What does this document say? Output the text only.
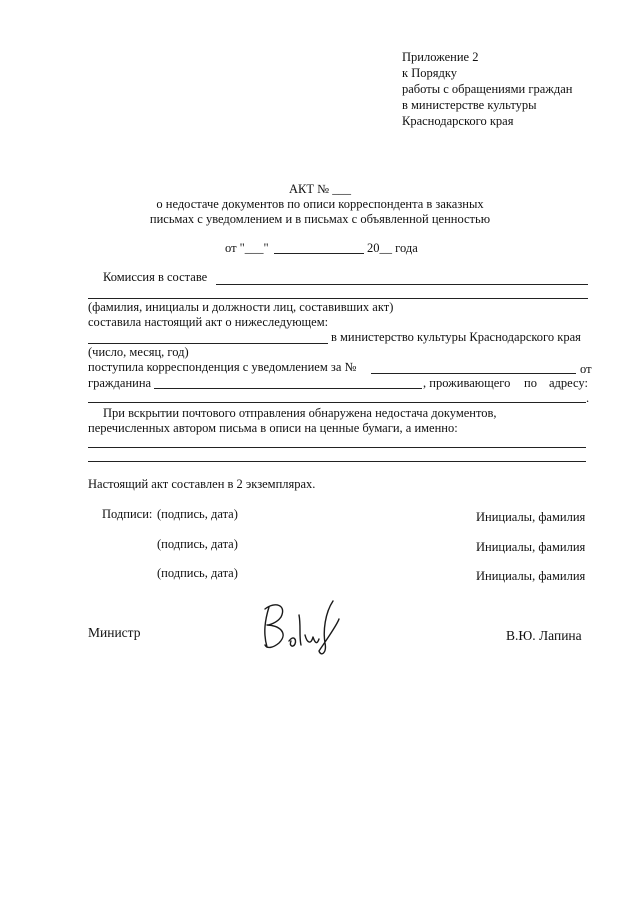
Приложение 2
к Порядку
работы с обращениями граждан
в министерстве культуры
Краснодарского края
АКТ № ___
о недостаче документов по описи корреспондента в заказных
письмах с уведомлением и в письмах с объявленной ценностью
от "___"	20__ года
Комиссия в составе
(фамилия, инициалы и должности лиц, составивших акт)
составила настоящий акт о нижеследующем:
в министерство культуры Краснодарского края
(число, месяц, год)
поступила корреспонденция с уведомлением за №	от
гражданина	, проживающего по адресу:
.
При вскрытии почтового отправления обнаружена недостача документов,
перечисленных автором письма в описи на ценные бумаги, а именно:
Настоящий акт составлен в 2 экземплярах.
Подписи: (подпись, дата)	Инициалы, фамилия
(подпись, дата)	Инициалы, фамилия
(подпись, дата)	Инициалы, фамилия
Министр	В.Ю. Лапина
